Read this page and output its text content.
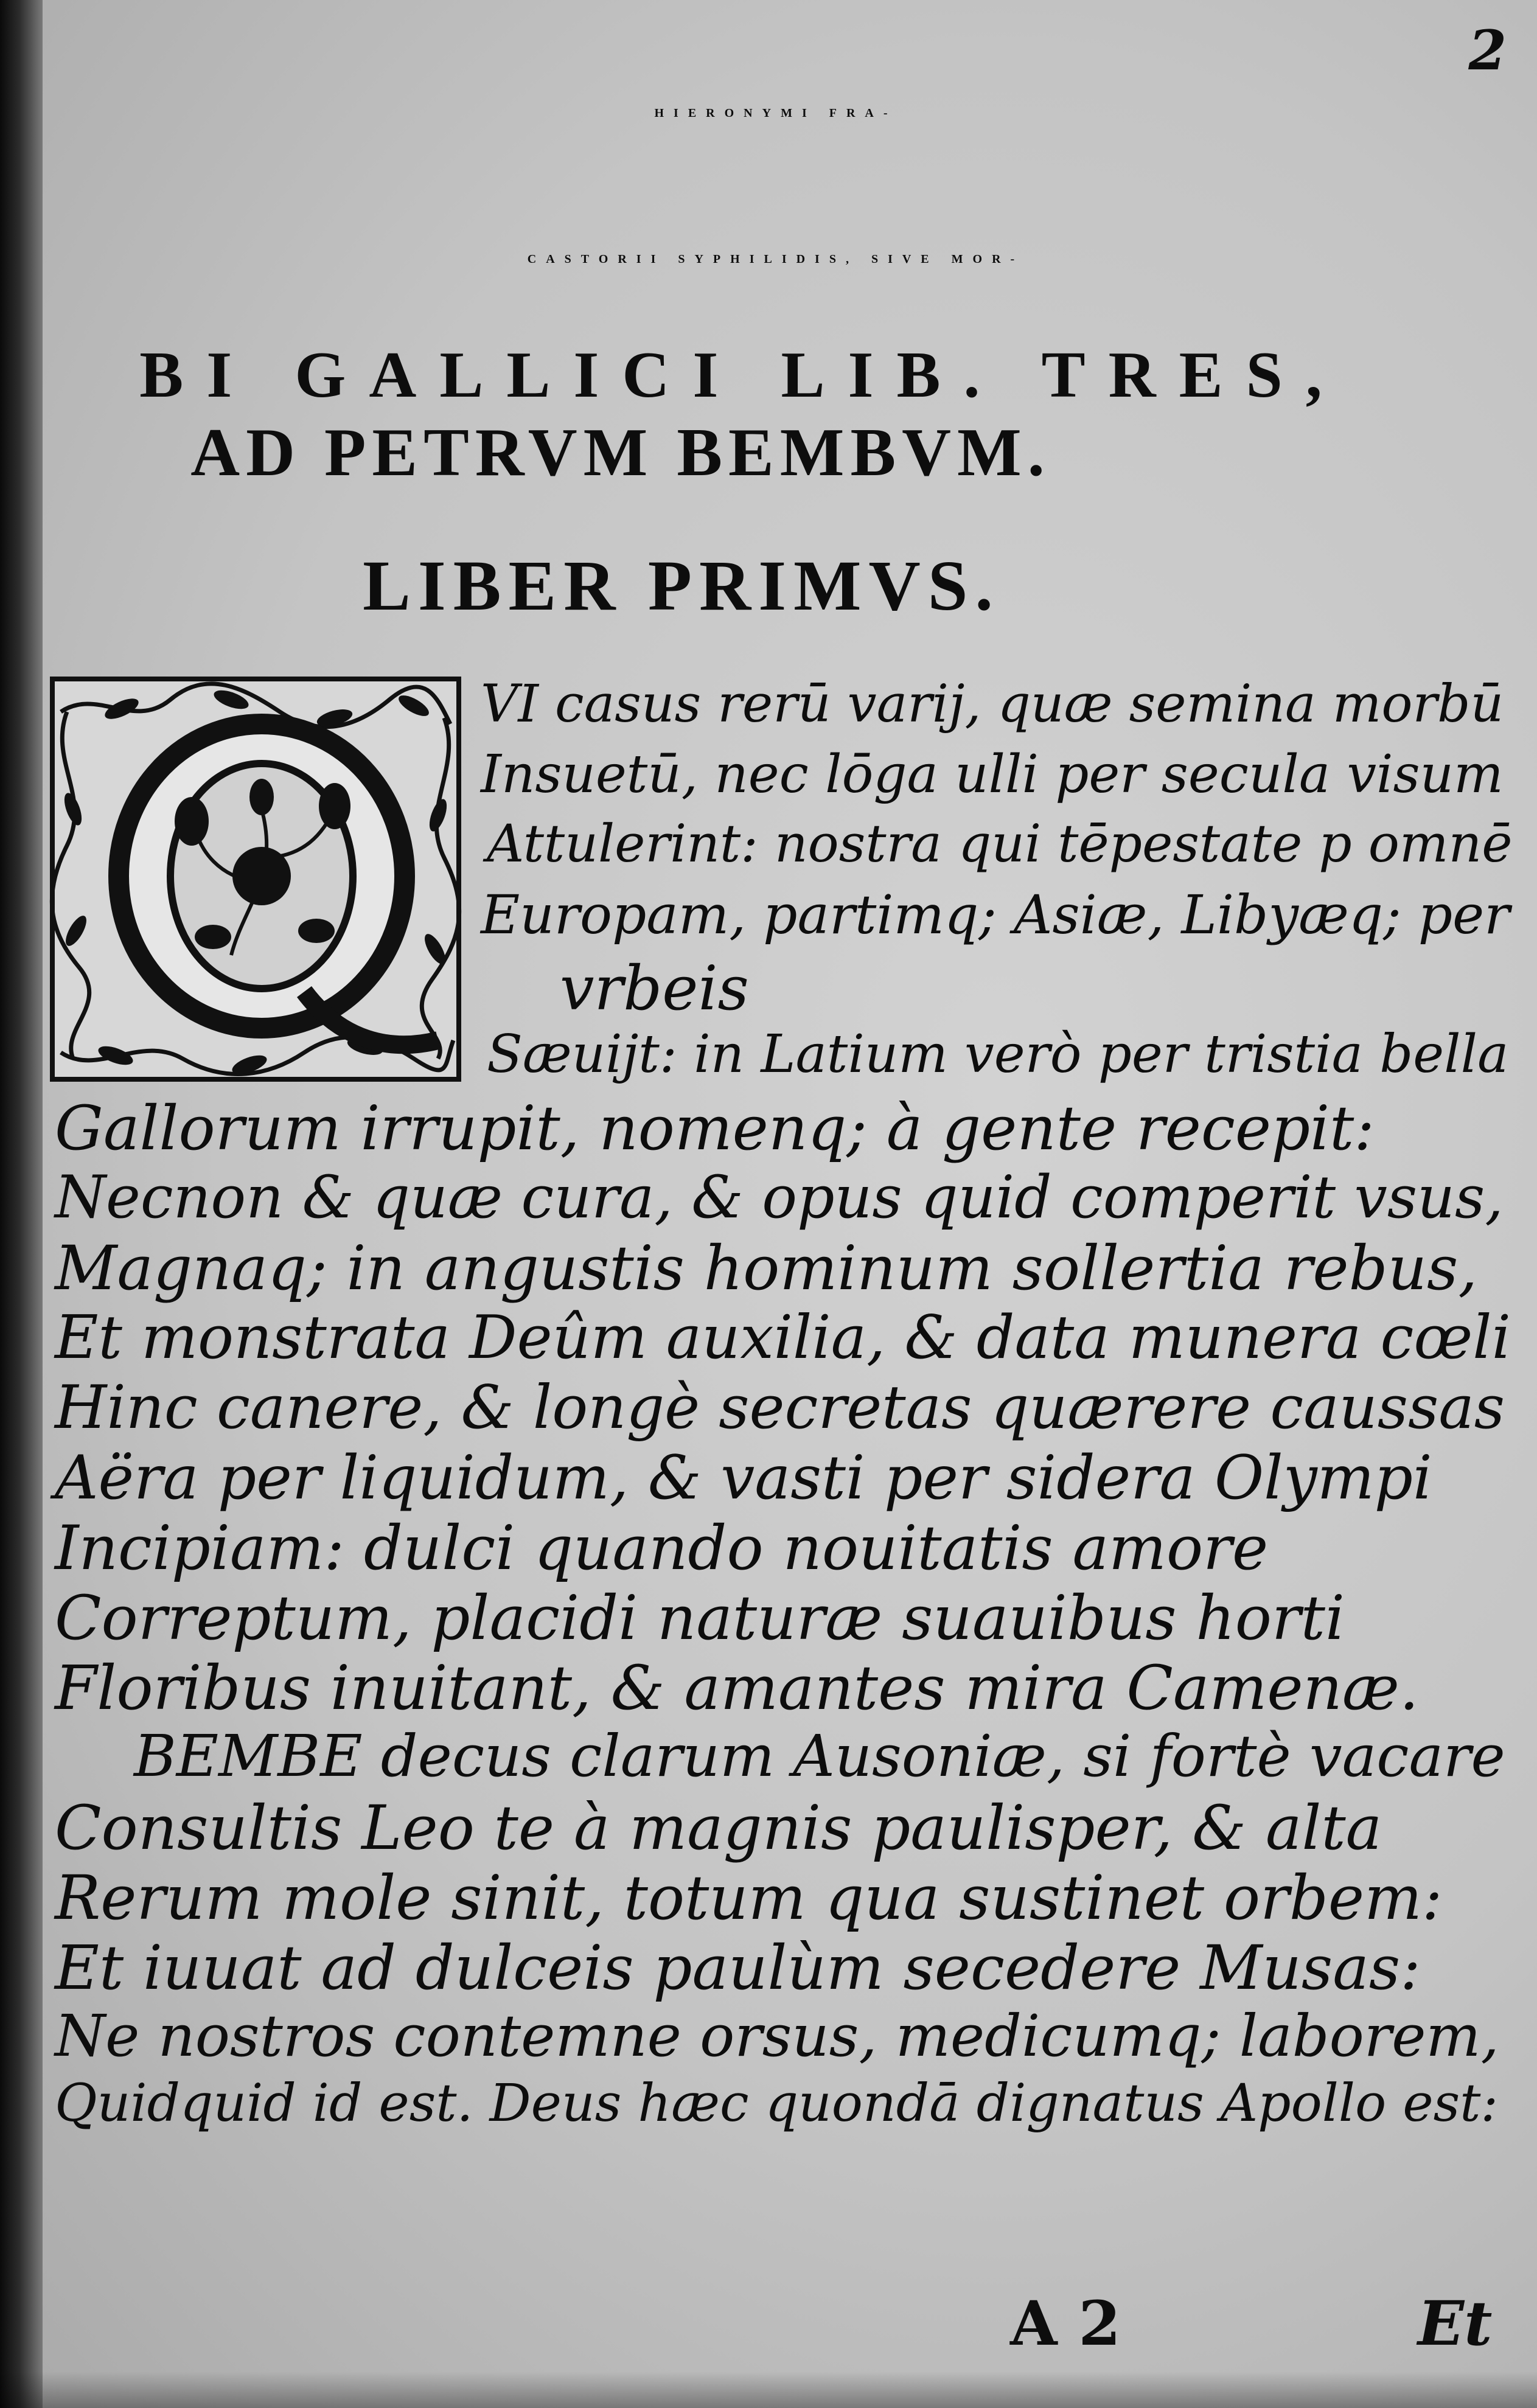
2
HIERONYMI FRA-
CASTORII SYPHILIDIS, SIVE MOR-
BI GALLICI LIB. TRES,
AD PETRVM BEMBVM.
LIBER PRIMVS.
VI casus rerū varij, quæ semina morbū
Insuetū, nec lōga ulli per secula visum
Attulerint: nostra qui tēpestate p omnē
Europam, partimq; Asiæ, Libyæq; per
vrbeis
Sæuijt: in Latium verò per tristia bella
Gallorum irrupit, nomenq; à gente recepit:
Necnon & quæ cura, & opus quid comperit vsus,
Magnaq; in angustis hominum sollertia rebus,
Et monstrata Deûm auxilia, & data munera cœli
Hinc canere, & longè secretas quærere caussas
Aëra per liquidum, & vasti per sidera Olympi
Incipiam: dulci quando nouitatis amore
Correptum, placidi naturæ suauibus horti
Floribus inuitant, & amantes mira Camenæ.
BEMBE decus clarum Ausoniæ, si fortè vacare
Consultis Leo te à magnis paulisper, & alta
Rerum mole sinit, totum qua sustinet orbem:
Et iuuat ad dulceis paulùm secedere Musas:
Ne nostros contemne orsus, medicumq; laborem,
Quidquid id est. Deus hæc quondā dignatus Apollo est:
A 2	Et
